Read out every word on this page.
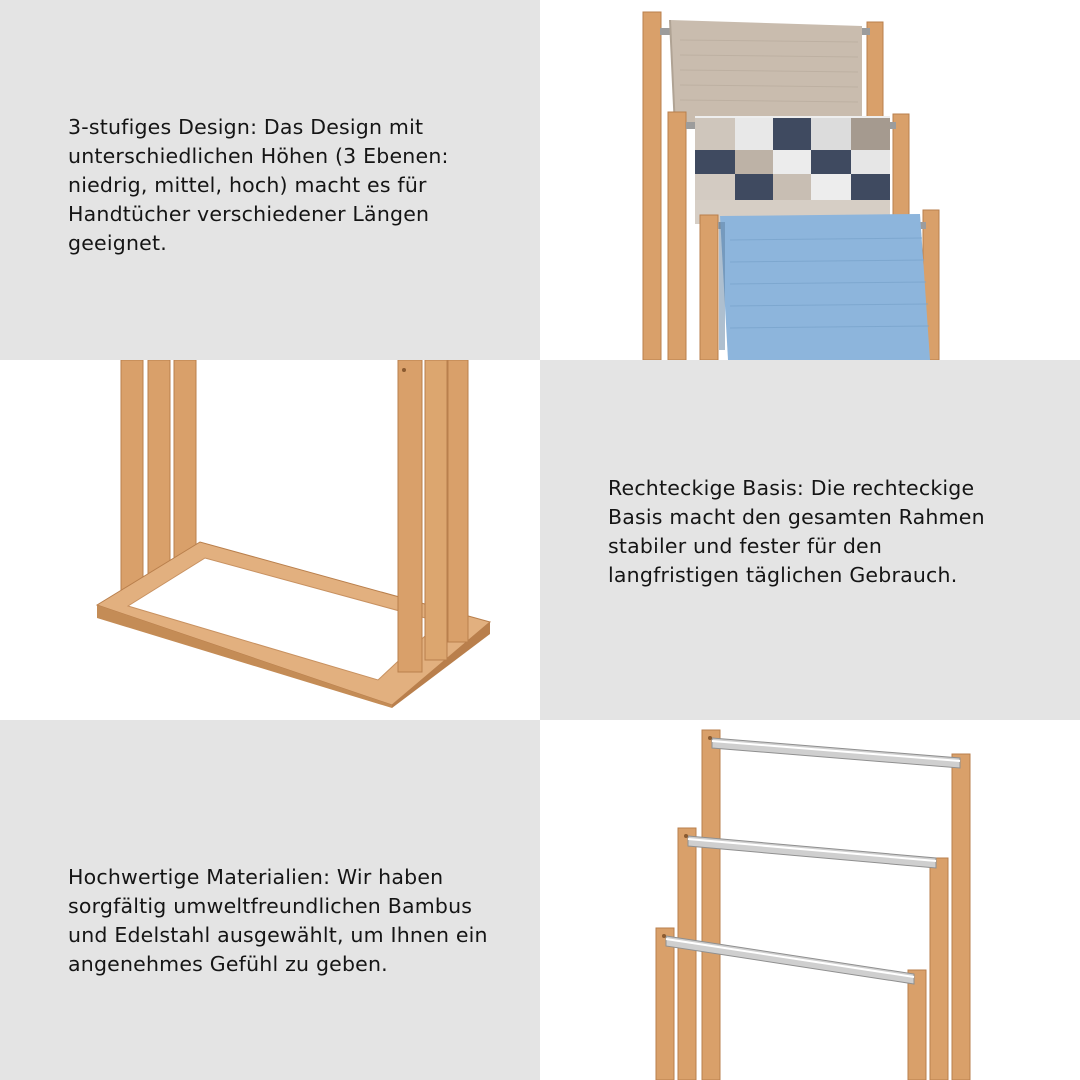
3-stufiges Design: Das Design mit unterschiedlichen Höhen (3 Ebenen: niedrig, mittel, hoch) macht es für Handtücher verschiedener Längen geeignet.

Rechteckige Basis: Die rechteckige Basis macht den gesamten Rahmen stabiler und fester für den langfristigen täglichen Gebrauch.

Hochwertige Materialien: Wir haben sorgfältig umweltfreundlichen Bambus und Edelstahl ausgewählt, um Ihnen ein angenehmes Gefühl zu geben.
